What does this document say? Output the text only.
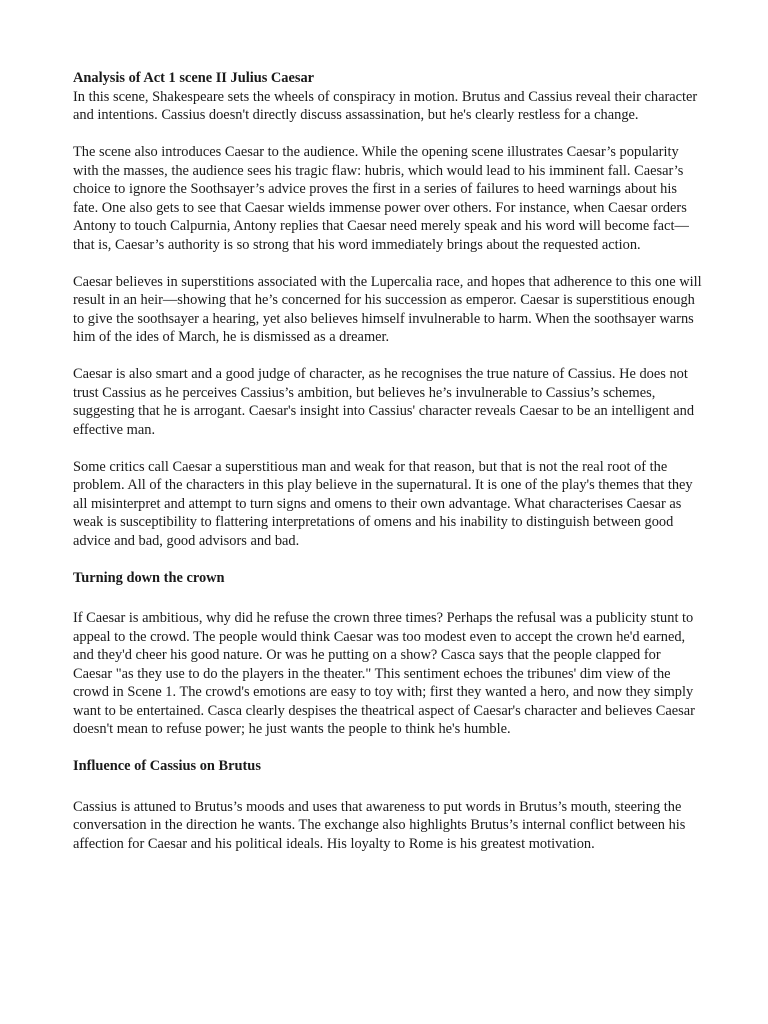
Analysis of Act 1 scene II Julius Caesar

In this scene, Shakespeare sets the wheels of conspiracy in motion. Brutus and Cassius reveal their character and intentions. Cassius doesn't directly discuss assassination, but he's clearly restless for a change.

The scene also introduces Caesar to the audience. While the opening scene illustrates Caesar’s popularity with the masses, the audience sees his tragic flaw: hubris, which would lead to his imminent fall. Caesar’s choice to ignore the Soothsayer’s advice proves the first in a series of failures to heed warnings about his fate. One also gets to see that Caesar wields immense power over others. For instance, when Caesar orders Antony to touch Calpurnia, Antony replies that Caesar need merely speak and his word will become fact—that is, Caesar’s authority is so strong that his word immediately brings about the requested action.

Caesar believes in superstitions associated with the Lupercalia race, and hopes that adherence to this one will result in an heir—showing that he’s concerned for his succession as emperor. Caesar is superstitious enough to give the soothsayer a hearing, yet also believes himself invulnerable to harm. When the soothsayer warns him of the ides of March, he is dismissed as a dreamer.

Caesar is also smart and a good judge of character, as he recognises the true nature of Cassius. He does not trust Cassius as he perceives Cassius’s ambition, but believes he’s invulnerable to Cassius’s schemes, suggesting that he is arrogant. Caesar's insight into Cassius' character reveals Caesar to be an intelligent and effective man.

Some critics call Caesar a superstitious man and weak for that reason, but that is not the real root of the problem. All of the characters in this play believe in the supernatural. It is one of the play's themes that they all misinterpret and attempt to turn signs and omens to their own advantage. What characterises Caesar as weak is susceptibility to flattering interpretations of omens and his inability to distinguish between good advice and bad, good advisors and bad.

Turning down the crown

If Caesar is ambitious, why did he refuse the crown three times? Perhaps the refusal was a publicity stunt to appeal to the crowd. The people would think Caesar was too modest even to accept the crown he'd earned, and they'd cheer his good nature. Or was he putting on a show? Casca says that the people clapped for Caesar "as they use to do the players in the theater." This sentiment echoes the tribunes' dim view of the crowd in Scene 1. The crowd's emotions are easy to toy with; first they wanted a hero, and now they simply want to be entertained. Casca clearly despises the theatrical aspect of Caesar's character and believes Caesar doesn't mean to refuse power; he just wants the people to think he's humble.

Influence of Cassius on Brutus

Cassius is attuned to Brutus’s moods and uses that awareness to put words in Brutus’s mouth, steering the conversation in the direction he wants. The exchange also highlights Brutus’s internal conflict between his affection for Caesar and his political ideals. His loyalty to Rome is his greatest motivation.
